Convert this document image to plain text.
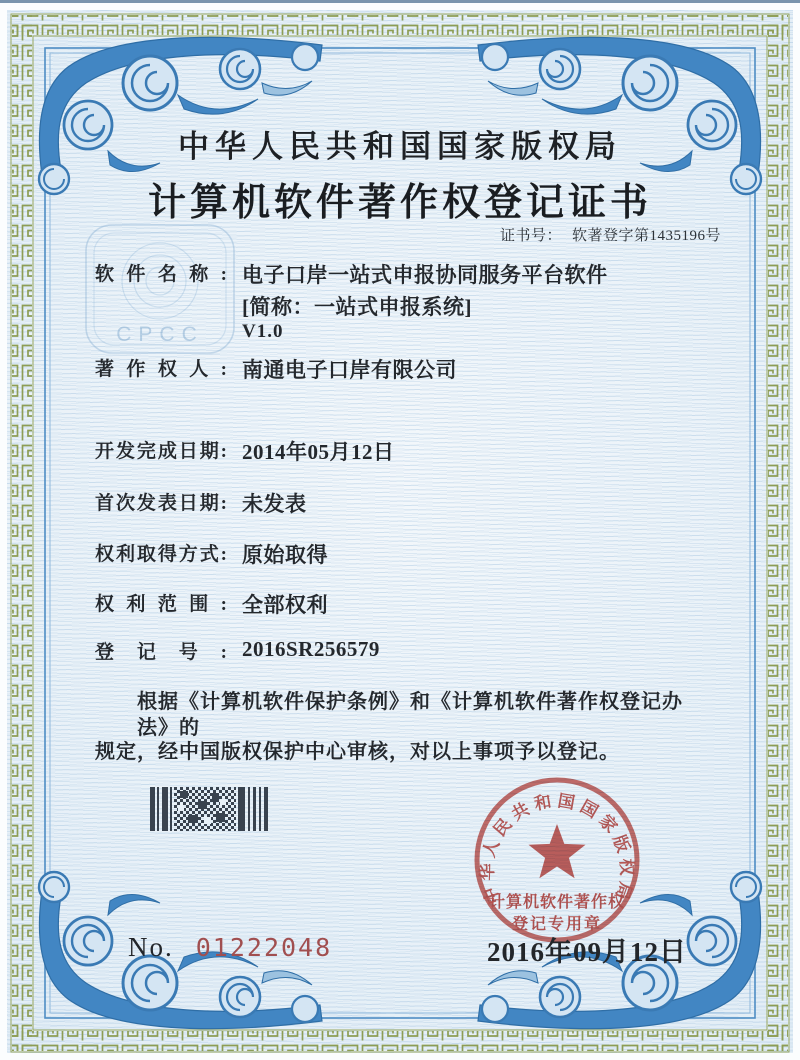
CPCC
中华人民共和国国家版权局
计算机软件著作权登记证书
证书号： 软著登字第1435196号
软件名称: 电子口岸一站式申报协同服务平台软件
[简称：一站式申报系统]
V1.0
著作权人: 南通电子口岸有限公司
开发完成日期: 2014年05月12日
首次发表日期: 未发表
权利取得方式: 原始取得
权利范围: 全部权利
登记号: 2016SR256579
根据《计算机软件保护条例》和《计算机软件著作权登记办法》的
规定，经中国版权保护中心审核，对以上事项予以登记。
中华人民共和国国家版权局
计算机软件著作权
登记专用章
2016年09月12日
No. 01222048
